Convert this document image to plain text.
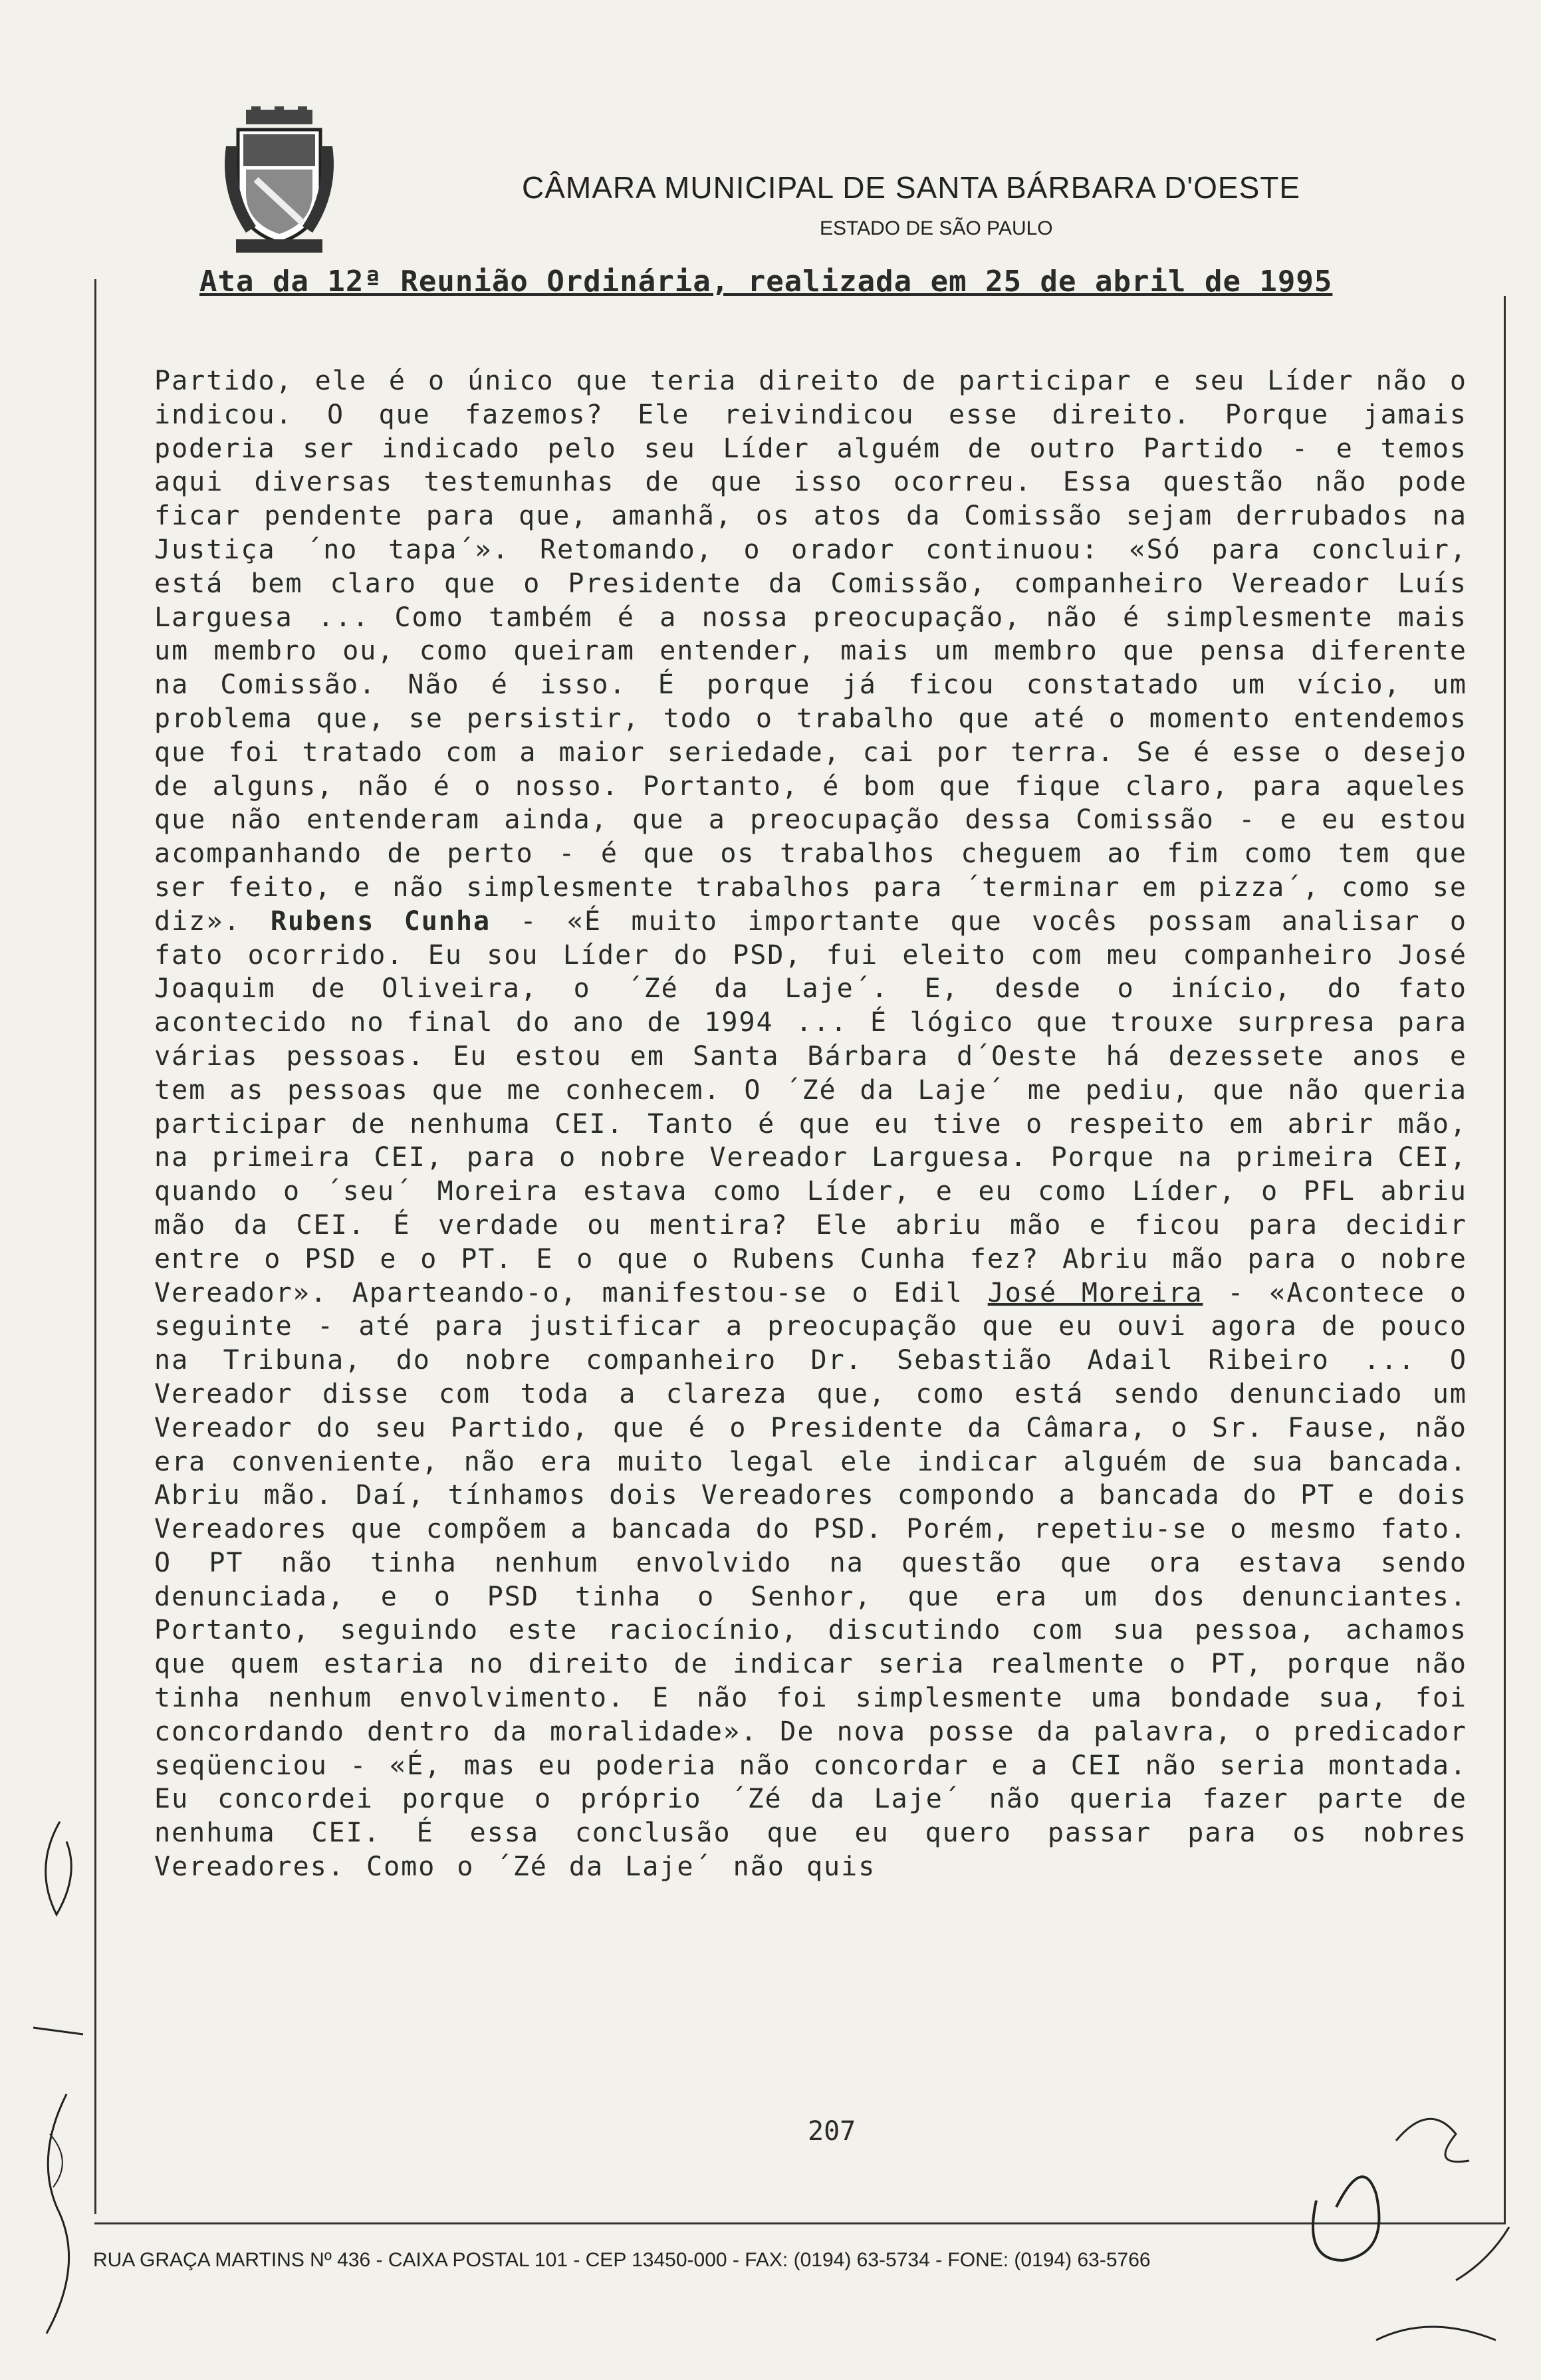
CÂMARA MUNICIPAL DE SANTA BÁRBARA D'OESTE
ESTADO DE SÃO PAULO
Ata da 12ª Reunião Ordinária, realizada em 25 de abril de 1995
Partido, ele é o único que teria direito de participar e seu Líder não o indicou. O que fazemos? Ele reivindicou esse direito. Porque jamais poderia ser indicado pelo seu Líder alguém de outro Partido - e temos aqui diversas testemunhas de que isso ocorreu. Essa questão não pode ficar pendente para que, amanhã, os atos da Comissão sejam derrubados na Justiça ´no tapa´». Retomando, o orador continuou: «Só para concluir, está bem claro que o Presidente da Comissão, companheiro Vereador Luís Larguesa ... Como também é a nossa preocupação, não é simplesmente mais um membro ou, como queiram entender, mais um membro que pensa diferente na Comissão. Não é isso. É porque já ficou constatado um vício, um problema que, se persistir, todo o trabalho que até o momento entendemos que foi tratado com a maior seriedade, cai por terra. Se é esse o desejo de alguns, não é o nosso. Portanto, é bom que fique claro, para aqueles que não entenderam ainda, que a preocupação dessa Comissão - e eu estou acompanhando de perto - é que os trabalhos cheguem ao fim como tem que ser feito, e não simplesmente trabalhos para ´terminar em pizza´, como se diz». Rubens Cunha - «É muito importante que vocês possam analisar o fato ocorrido. Eu sou Líder do PSD, fui eleito com meu companheiro José Joaquim de Oliveira, o ´Zé da Laje´. E, desde o início, do fato acontecido no final do ano de 1994 ... É lógico que trouxe surpresa para várias pessoas. Eu estou em Santa Bárbara d´Oeste há dezessete anos e tem as pessoas que me conhecem. O ´Zé da Laje´ me pediu, que não queria participar de nenhuma CEI. Tanto é que eu tive o respeito em abrir mão, na primeira CEI, para o nobre Vereador Larguesa. Porque na primeira CEI, quando o ´seu´ Moreira estava como Líder, e eu como Líder, o PFL abriu mão da CEI. É verdade ou mentira? Ele abriu mão e ficou para decidir entre o PSD e o PT. E o que o Rubens Cunha fez? Abriu mão para o nobre Vereador». Aparteando-o, manifestou-se o Edil José Moreira - «Acontece o seguinte - até para justificar a preocupação que eu ouvi agora de pouco na Tribuna, do nobre companheiro Dr. Sebastião Adail Ribeiro ... O Vereador disse com toda a clareza que, como está sendo denunciado um Vereador do seu Partido, que é o Presidente da Câmara, o Sr. Fause, não era conveniente, não era muito legal ele indicar alguém de sua bancada. Abriu mão. Daí, tínhamos dois Vereadores compondo a bancada do PT e dois Vereadores que compõem a bancada do PSD. Porém, repetiu-se o mesmo fato. O PT não tinha nenhum envolvido na questão que ora estava sendo denunciada, e o PSD tinha o Senhor, que era um dos denunciantes. Portanto, seguindo este raciocínio, discutindo com sua pessoa, achamos que quem estaria no direito de indicar seria realmente o PT, porque não tinha nenhum envolvimento. E não foi simplesmente uma bondade sua, foi concordando dentro da moralidade». De nova posse da palavra, o predicador seqüenciou - «É, mas eu poderia não concordar e a CEI não seria montada. Eu concordei porque o próprio ´Zé da Laje´ não queria fazer parte de nenhuma CEI. É essa conclusão que eu quero passar para os nobres Vereadores. Como o ´Zé da Laje´ não quis
207
RUA GRAÇA MARTINS Nº 436 - CAIXA POSTAL 101 - CEP 13450-000 - FAX: (0194) 63-5734 - FONE: (0194) 63-5766
